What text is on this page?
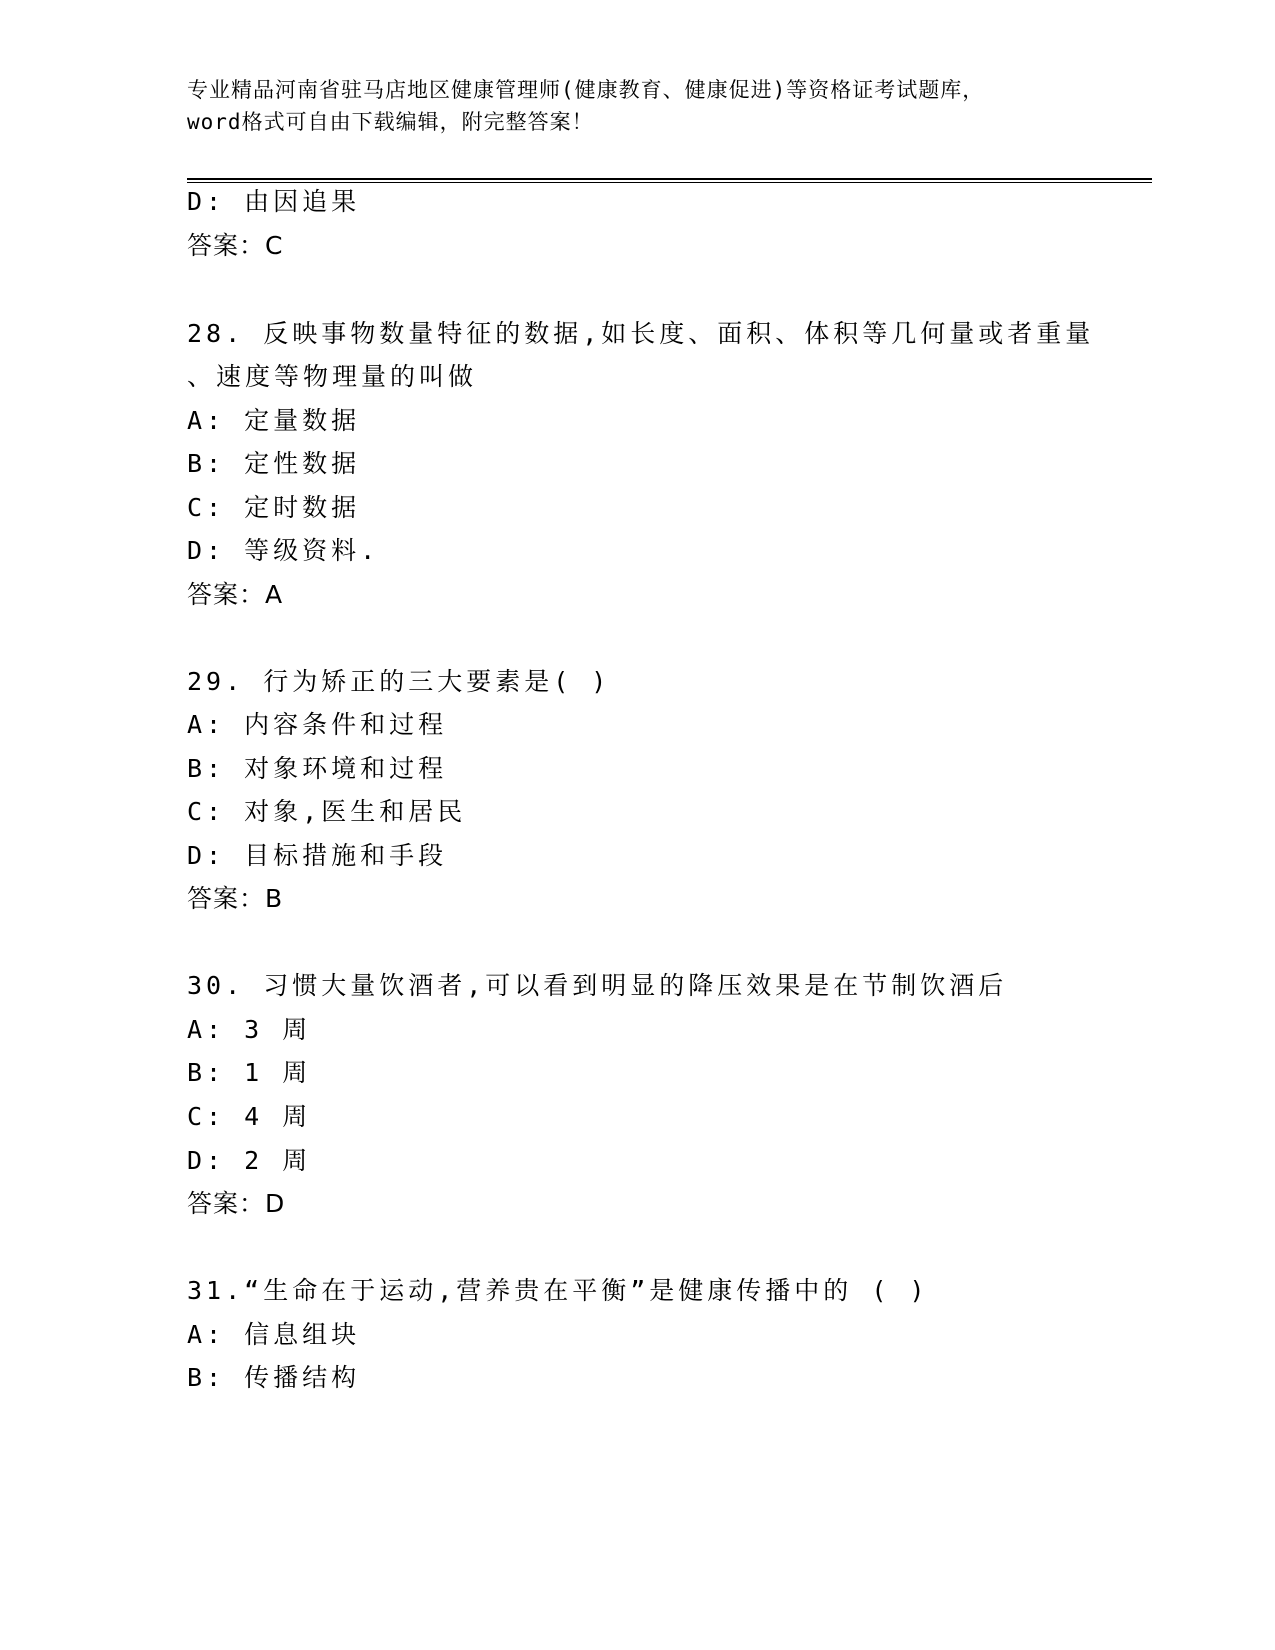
专业精品河南省驻马店地区健康管理师(健康教育、健康促进)等资格证考试题库，
word格式可自由下载编辑，附完整答案！
D: 由因追果
答案：C
28. 反映事物数量特征的数据,如长度、面积、体积等几何量或者重量
、速度等物理量的叫做
A: 定量数据
B: 定性数据
C: 定时数据
D: 等级资料.
答案：A
29. 行为矫正的三大要素是( )
A: 内容条件和过程
B: 对象环境和过程
C: 对象,医生和居民
D: 目标措施和手段
答案：B
30. 习惯大量饮酒者,可以看到明显的降压效果是在节制饮酒后
A: 3 周
B: 1 周
C: 4 周
D: 2 周
答案：D
31.“生命在于运动,营养贵在平衡”是健康传播中的 ( )
A: 信息组块
B: 传播结构
